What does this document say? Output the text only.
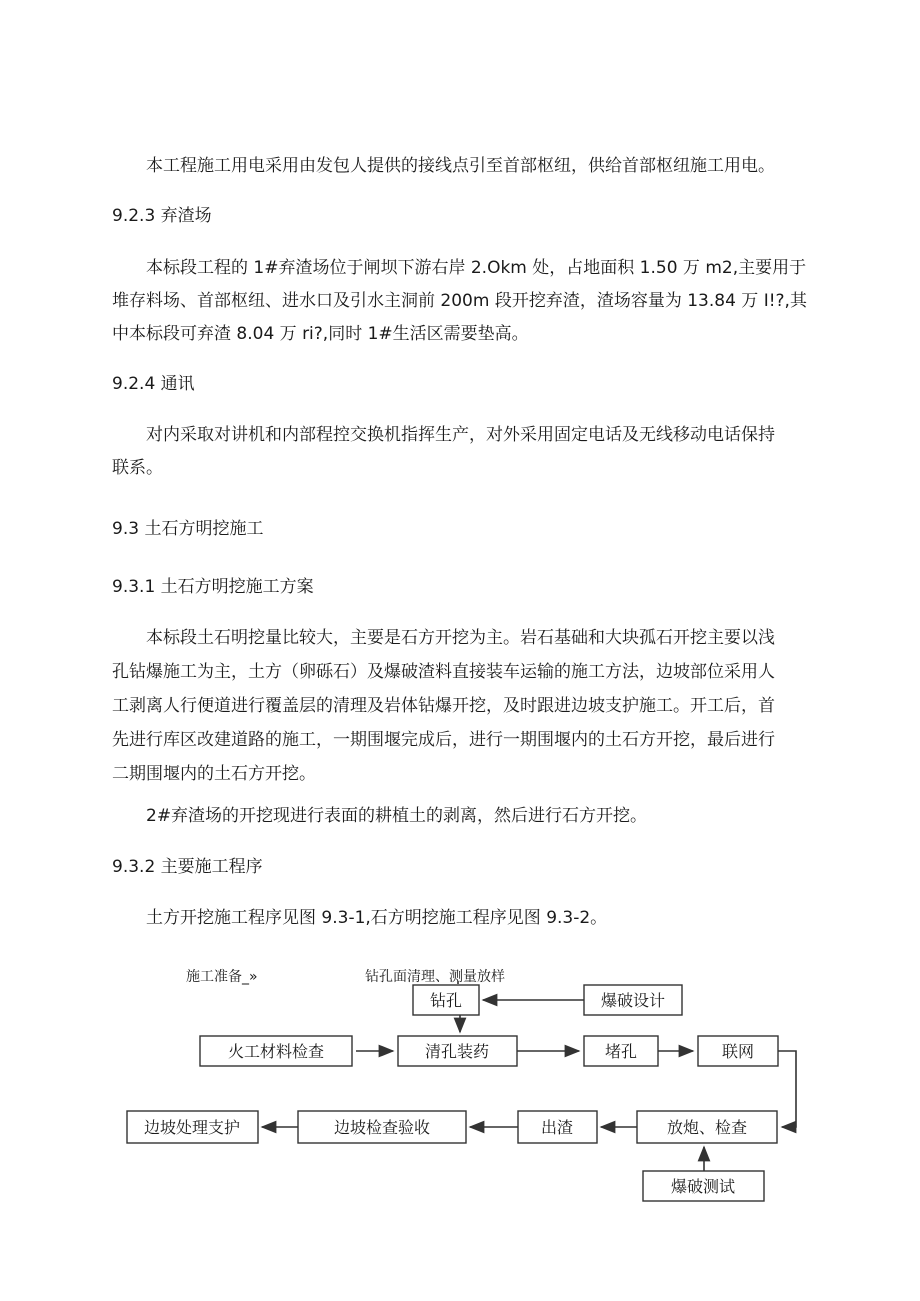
本工程施工用电采用由发包人提供的接线点引至首部枢纽，供给首部枢纽施工用电。
9.2.3 弃渣场
本标段工程的 1#弃渣场位于闸坝下游右岸 2.Okm 处，占地面积 1.50 万 m2,主要用于
堆存料场、首部枢纽、进水口及引水主洞前 200m 段开挖弃渣，渣场容量为 13.84 万 I!?,其
中本标段可弃渣 8.04 万 ri?,同时 1#生活区需要垫高。
9.2.4 通讯
对内采取对讲机和内部程控交换机指挥生产，对外采用固定电话及无线移动电话保持
联系。
9.3 土石方明挖施工
9.3.1 土石方明挖施工方案
本标段土石明挖量比较大，主要是石方开挖为主。岩石基础和大块孤石开挖主要以浅
孔钻爆施工为主，土方（卵砾石）及爆破渣料直接装车运输的施工方法，边坡部位采用人
工剥离人行便道进行覆盖层的清理及岩体钻爆开挖，及时跟进边坡支护施工。开工后，首
先进行库区改建道路的施工，一期围堰完成后，进行一期围堰内的土石方开挖，最后进行
二期围堰内的土石方开挖。
2#弃渣场的开挖现进行表面的耕植土的剥离，然后进行石方开挖。
9.3.2 主要施工程序
土方开挖施工程序见图 9.3-1,石方明挖施工程序见图 9.3-2。
施工准备_»	钻孔面清理、测量放样
钻孔	爆破设计
火工材料检查	清孔装药	堵孔	联网
边坡处理支护	边坡检查验收	出渣	放炮、检查
爆破测试
